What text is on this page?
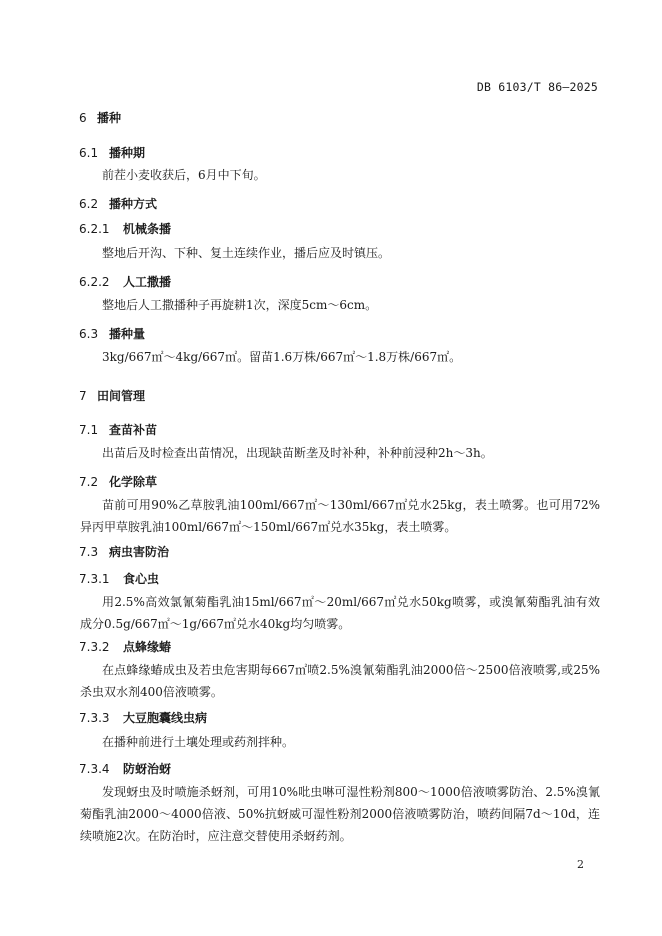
DB 6103/T 86—2025
6 播种
6.1 播种期
前茬小麦收获后，6月中下旬。
6.2 播种方式
6.2.1	机械条播
整地后开沟、下种、复土连续作业，播后应及时镇压。
6.2.2	人工撒播
整地后人工撒播种子再旋耕1次，深度5cm～6cm。
6.3 播种量
3kg/667㎡～4kg/667㎡。留苗1.6万株/667㎡～1.8万株/667㎡。
7 田间管理
7.1 查苗补苗
出苗后及时检查出苗情况，出现缺苗断垄及时补种，补种前浸种2h～3h。
7.2 化学除草
苗前可用90%乙草胺乳油100ml/667㎡～130ml/667㎡兑水25kg，表土喷雾。也可用72%异丙甲草胺乳油100ml/667㎡～150ml/667㎡兑水35kg，表土喷雾。
7.3 病虫害防治
7.3.1	食心虫
用2.5%高效氯氰菊酯乳油15ml/667㎡～20ml/667㎡兑水50kg喷雾，或溴氰菊酯乳油有效成分0.5g/667㎡～1g/667㎡兑水40kg均匀喷雾。
7.3.2	点蜂缘蝽
在点蜂缘蝽成虫及若虫危害期每667㎡喷2.5%溴氰菊酯乳油2000倍～2500倍液喷雾,或25%杀虫双水剂400倍液喷雾。
7.3.3	大豆胞囊线虫病
在播种前进行土壤处理或药剂拌种。
7.3.4	防蚜治蚜
发现蚜虫及时喷施杀蚜剂，可用10%吡虫啉可湿性粉剂800～1000倍液喷雾防治、2.5%溴氰菊酯乳油2000～4000倍液、50%抗蚜威可湿性粉剂2000倍液喷雾防治，喷药间隔7d～10d，连续喷施2次。在防治时，应注意交替使用杀蚜药剂。
2
